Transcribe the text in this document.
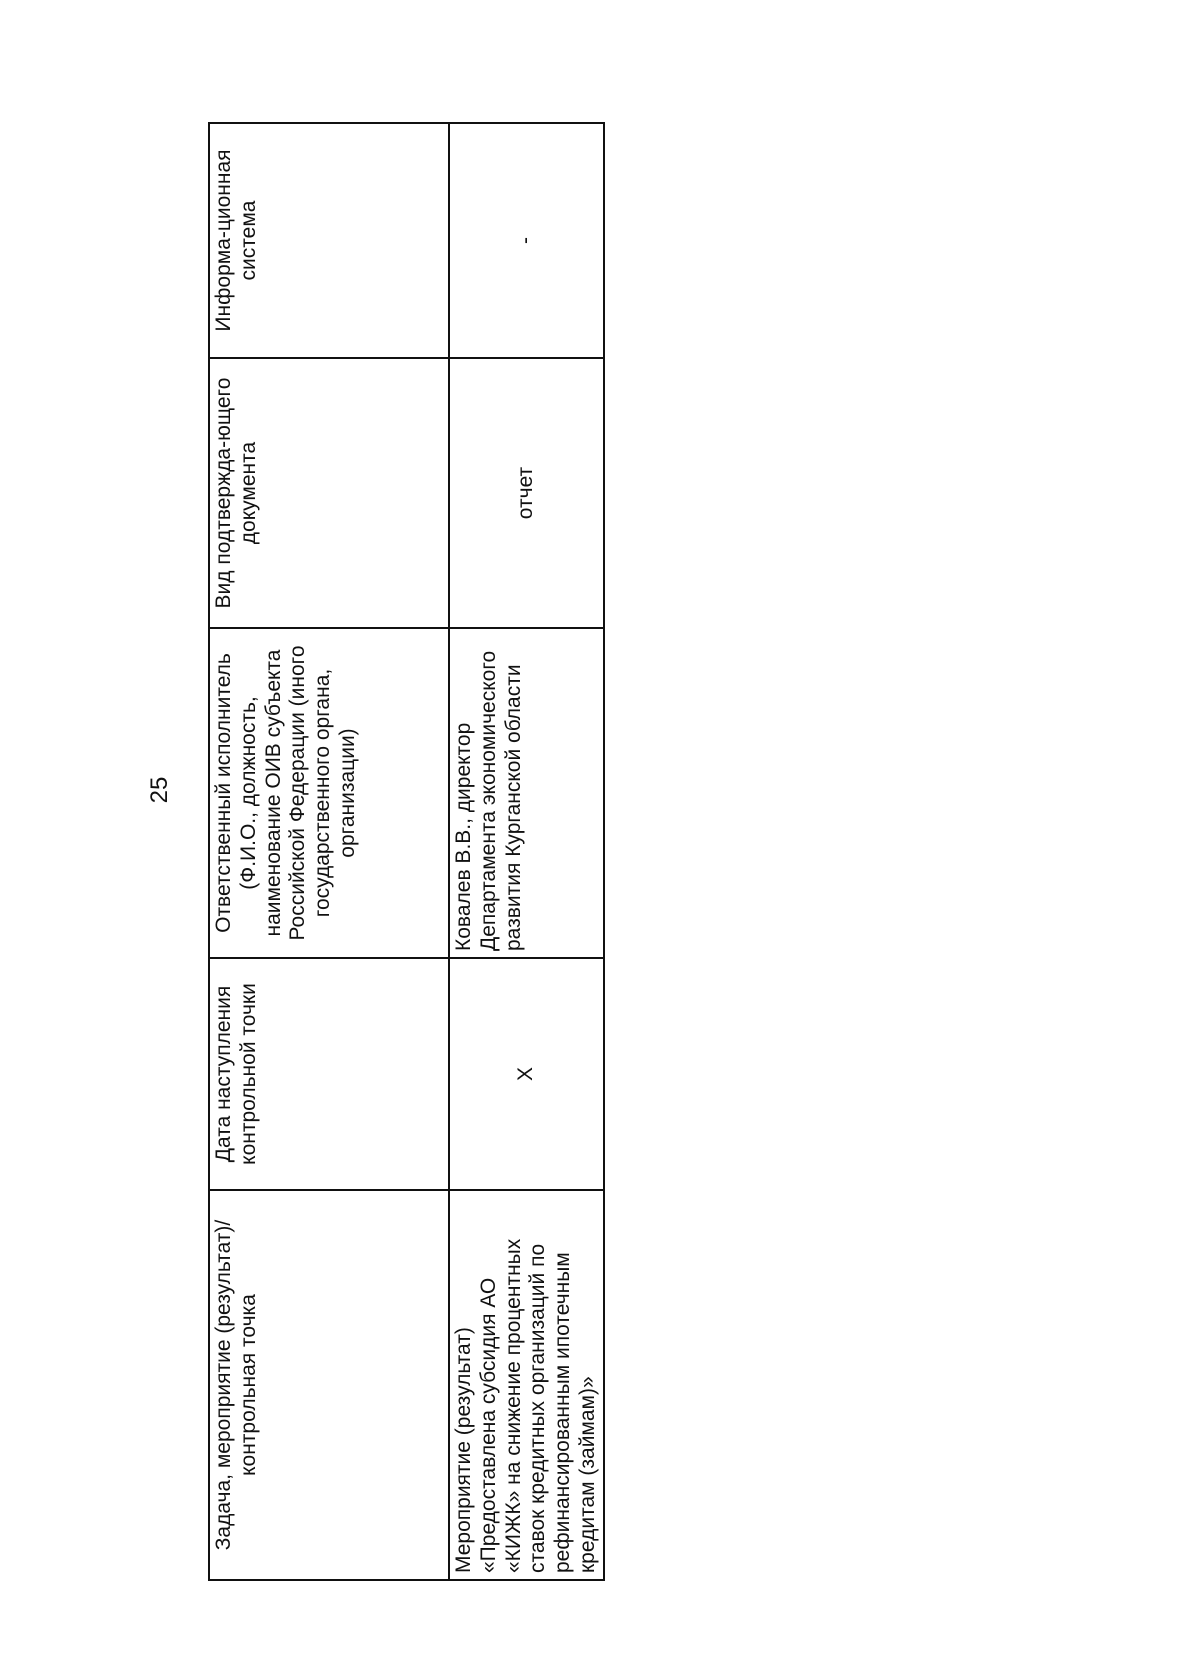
25
Задача, мероприятие (результат)/ контрольная точка	Дата наступления контрольной точки	Ответственный исполнитель (Ф.И.О., должность, наименование ОИВ субъекта Российской Федерации (иного государственного органа, организации)	Вид подтвержда-ющего документа	Информа-ционная система
Мероприятие (результат) «Предоставлена субсидия АО «КИЖК» на снижение процентных ставок кредитных организаций по рефинансированным ипотечным кредитам (займам)»	X	Ковалев В.В., директор Департамента экономического развития Курганской области	отчет	-
